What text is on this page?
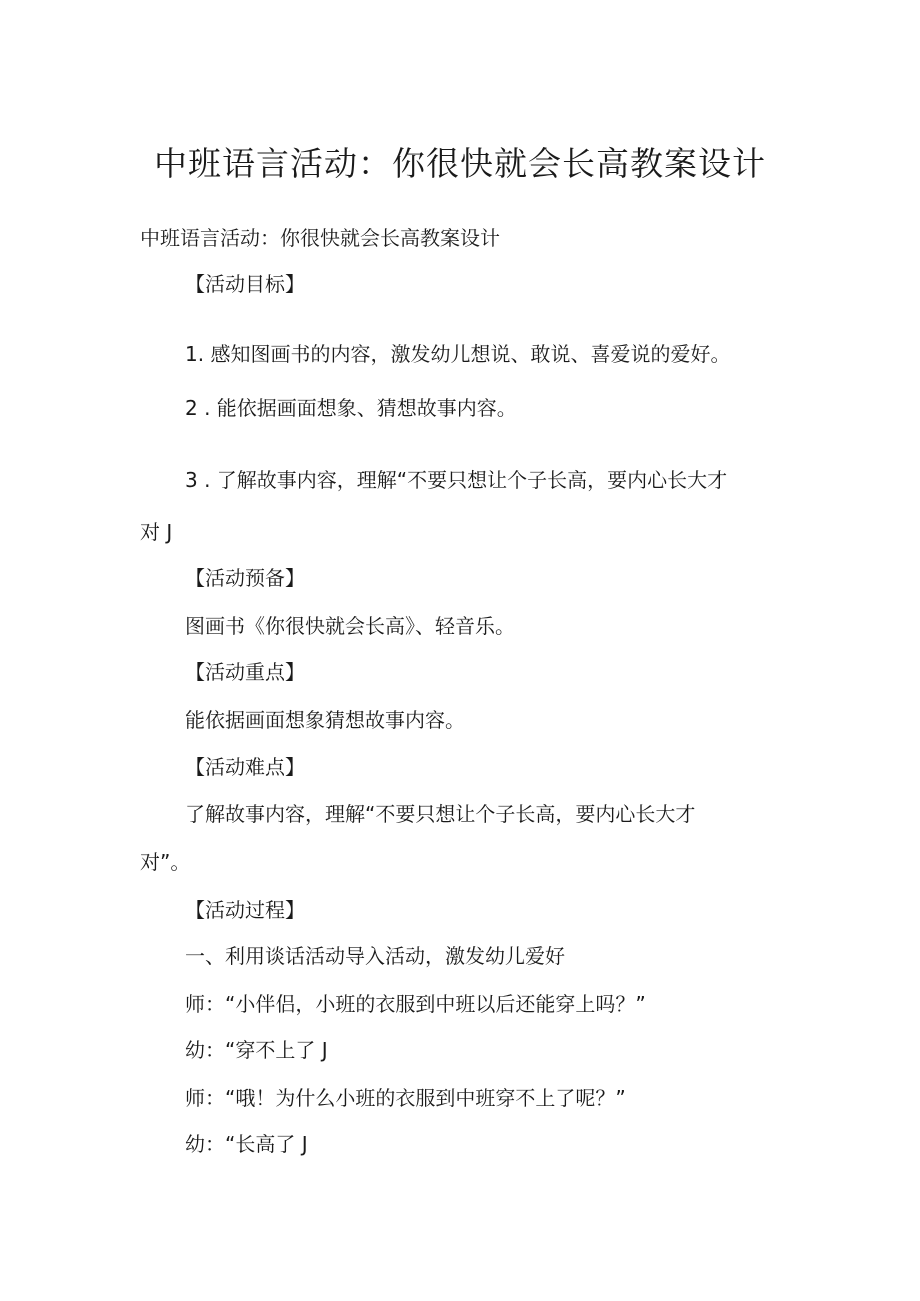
中班语言活动：你很快就会长高教案设计
中班语言活动：你很快就会长高教案设计
【活动目标】
1. 感知图画书的内容，激发幼儿想说、敢说、喜爱说的爱好。
2 . 能依据画面想象、猜想故事内容。
3 . 了解故事内容，理解“不要只想让个子长高，要内心长大才
对 J
【活动预备】
图画书《你很快就会长高》、轻音乐。
【活动重点】
能依据画面想象猜想故事内容。
【活动难点】
了解故事内容，理解“不要只想让个子长高，要内心长大才
对”。
【活动过程】
一、利用谈话活动导入活动，激发幼儿爱好
师：“小伴侣，小班的衣服到中班以后还能穿上吗？”
幼：“穿不上了 J
师：“哦！为什么小班的衣服到中班穿不上了呢？”
幼：“长高了 J
